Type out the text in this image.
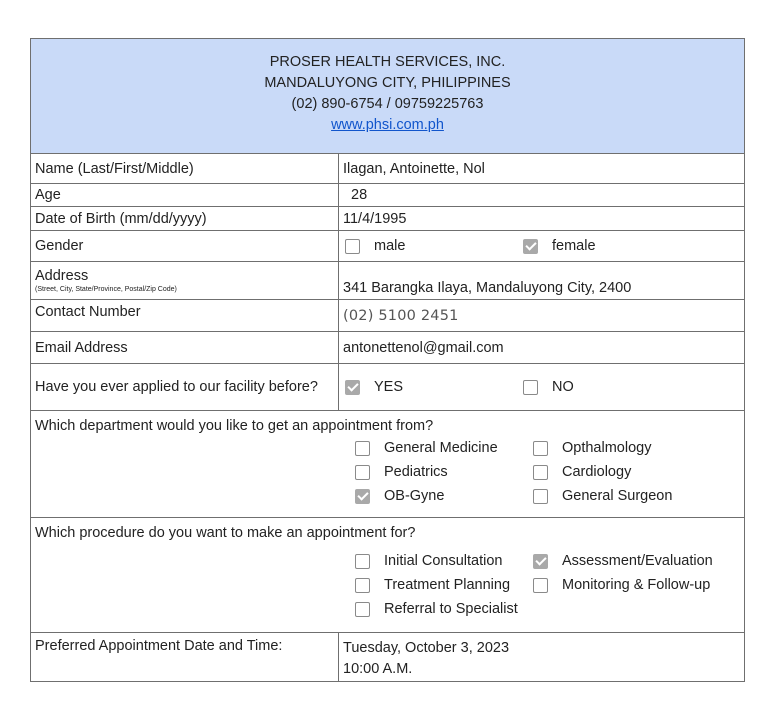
PROSER HEALTH SERVICES, INC.
MANDALUYONG CITY, PHILIPPINES
(02) 890-6754 / 09759225763
www.phsi.com.ph
Name (Last/First/Middle)	Ilagan, Antoinette, Nol
Age	28
Date of Birth (mm/dd/yyyy)	11/4/1995
Gender	male	female
Address
(Street, City, State/Province, Postal/Zip Code)	341 Barangka Ilaya, Mandaluyong City, 2400
Contact Number	(02) 5100 2451
Email Address	antonettenol@gmail.com
Have you ever applied to our facility before?	YES	NO
Which department would you like to get an appointment from?
General Medicine	Opthalmology
Pediatrics	Cardiology
OB-Gyne	General Surgeon
Which procedure do you want to make an appointment for?
Initial Consultation	Assessment/Evaluation
Treatment Planning	Monitoring & Follow-up
Referral to Specialist
Preferred Appointment Date and Time:	Tuesday, October 3, 2023
10:00 A.M.
